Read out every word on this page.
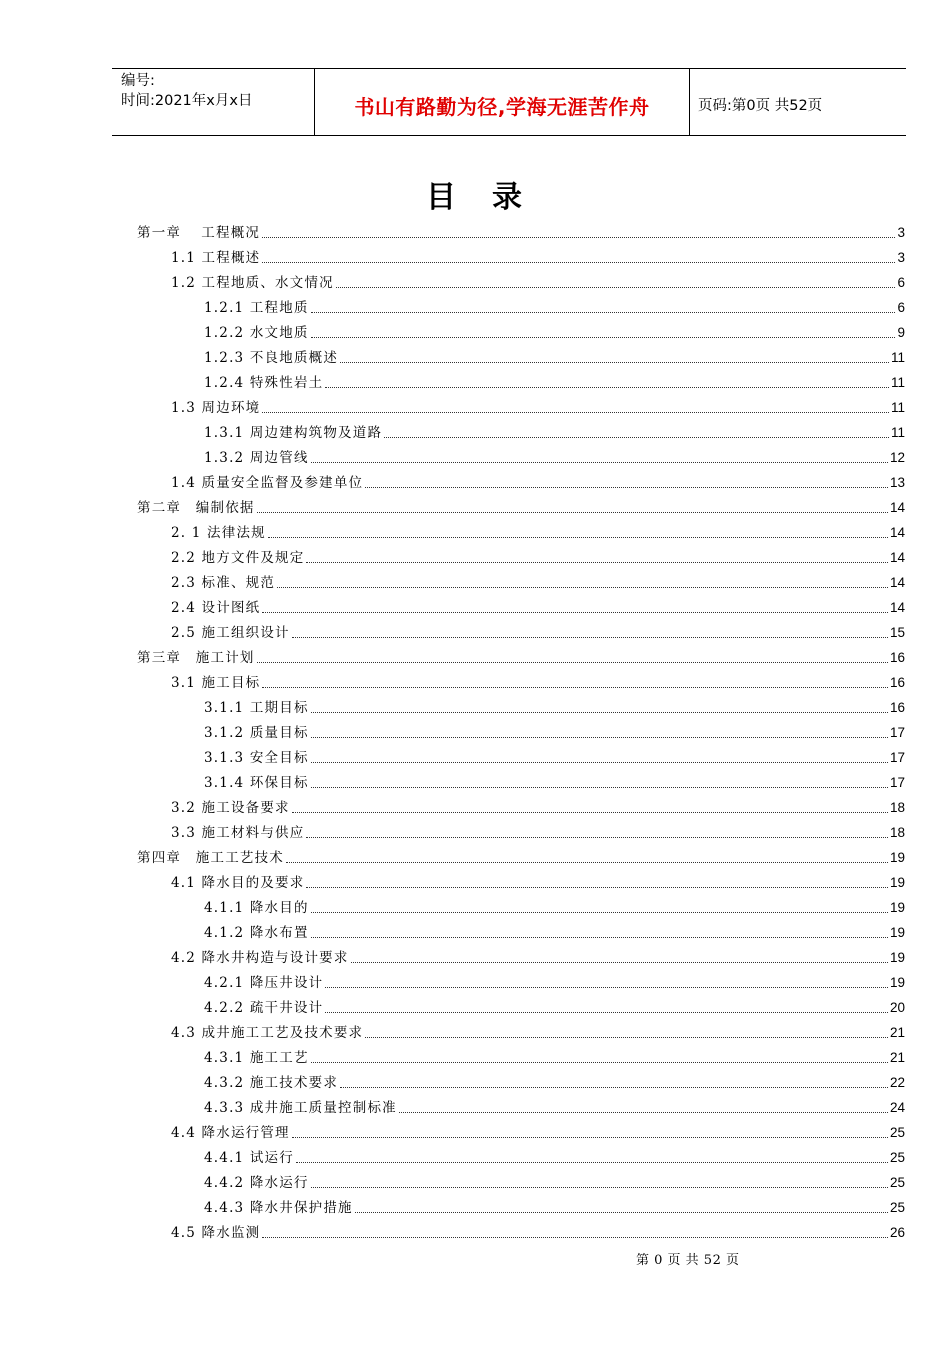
编号:
时间:2021年x月x日	书山有路勤为径,学海无涯苦作舟	页码:第0页 共52页
目 录
第一章　 工程概况	3
1.1 工程概述	3
1.2 工程地质、水文情况	6
1.2.1 工程地质	6
1.2.2 水文地质	9
1.2.3 不良地质概述	11
1.2.4 特殊性岩土	11
1.3 周边环境	11
1.3.1 周边建构筑物及道路	11
1.3.2 周边管线	12
1.4 质量安全监督及参建单位	13
第二章　编制依据	14
2. 1 法律法规	14
2.2 地方文件及规定	14
2.3 标准、规范	14
2.4 设计图纸	14
2.5 施工组织设计	15
第三章　施工计划	16
3.1 施工目标	16
3.1.1 工期目标	16
3.1.2 质量目标	17
3.1.3 安全目标	17
3.1.4 环保目标	17
3.2 施工设备要求	18
3.3 施工材料与供应	18
第四章　施工工艺技术	19
4.1 降水目的及要求	19
4.1.1 降水目的	19
4.1.2 降水布置	19
4.2 降水井构造与设计要求	19
4.2.1 降压井设计	19
4.2.2 疏干井设计	20
4.3 成井施工工艺及技术要求	21
4.3.1 施工工艺	21
4.3.2 施工技术要求	22
4.3.3 成井施工质量控制标准	24
4.4 降水运行管理	25
4.4.1 试运行	25
4.4.2 降水运行	25
4.4.3 降水井保护措施	25
4.5 降水监测	26
第 0 页 共 52 页
